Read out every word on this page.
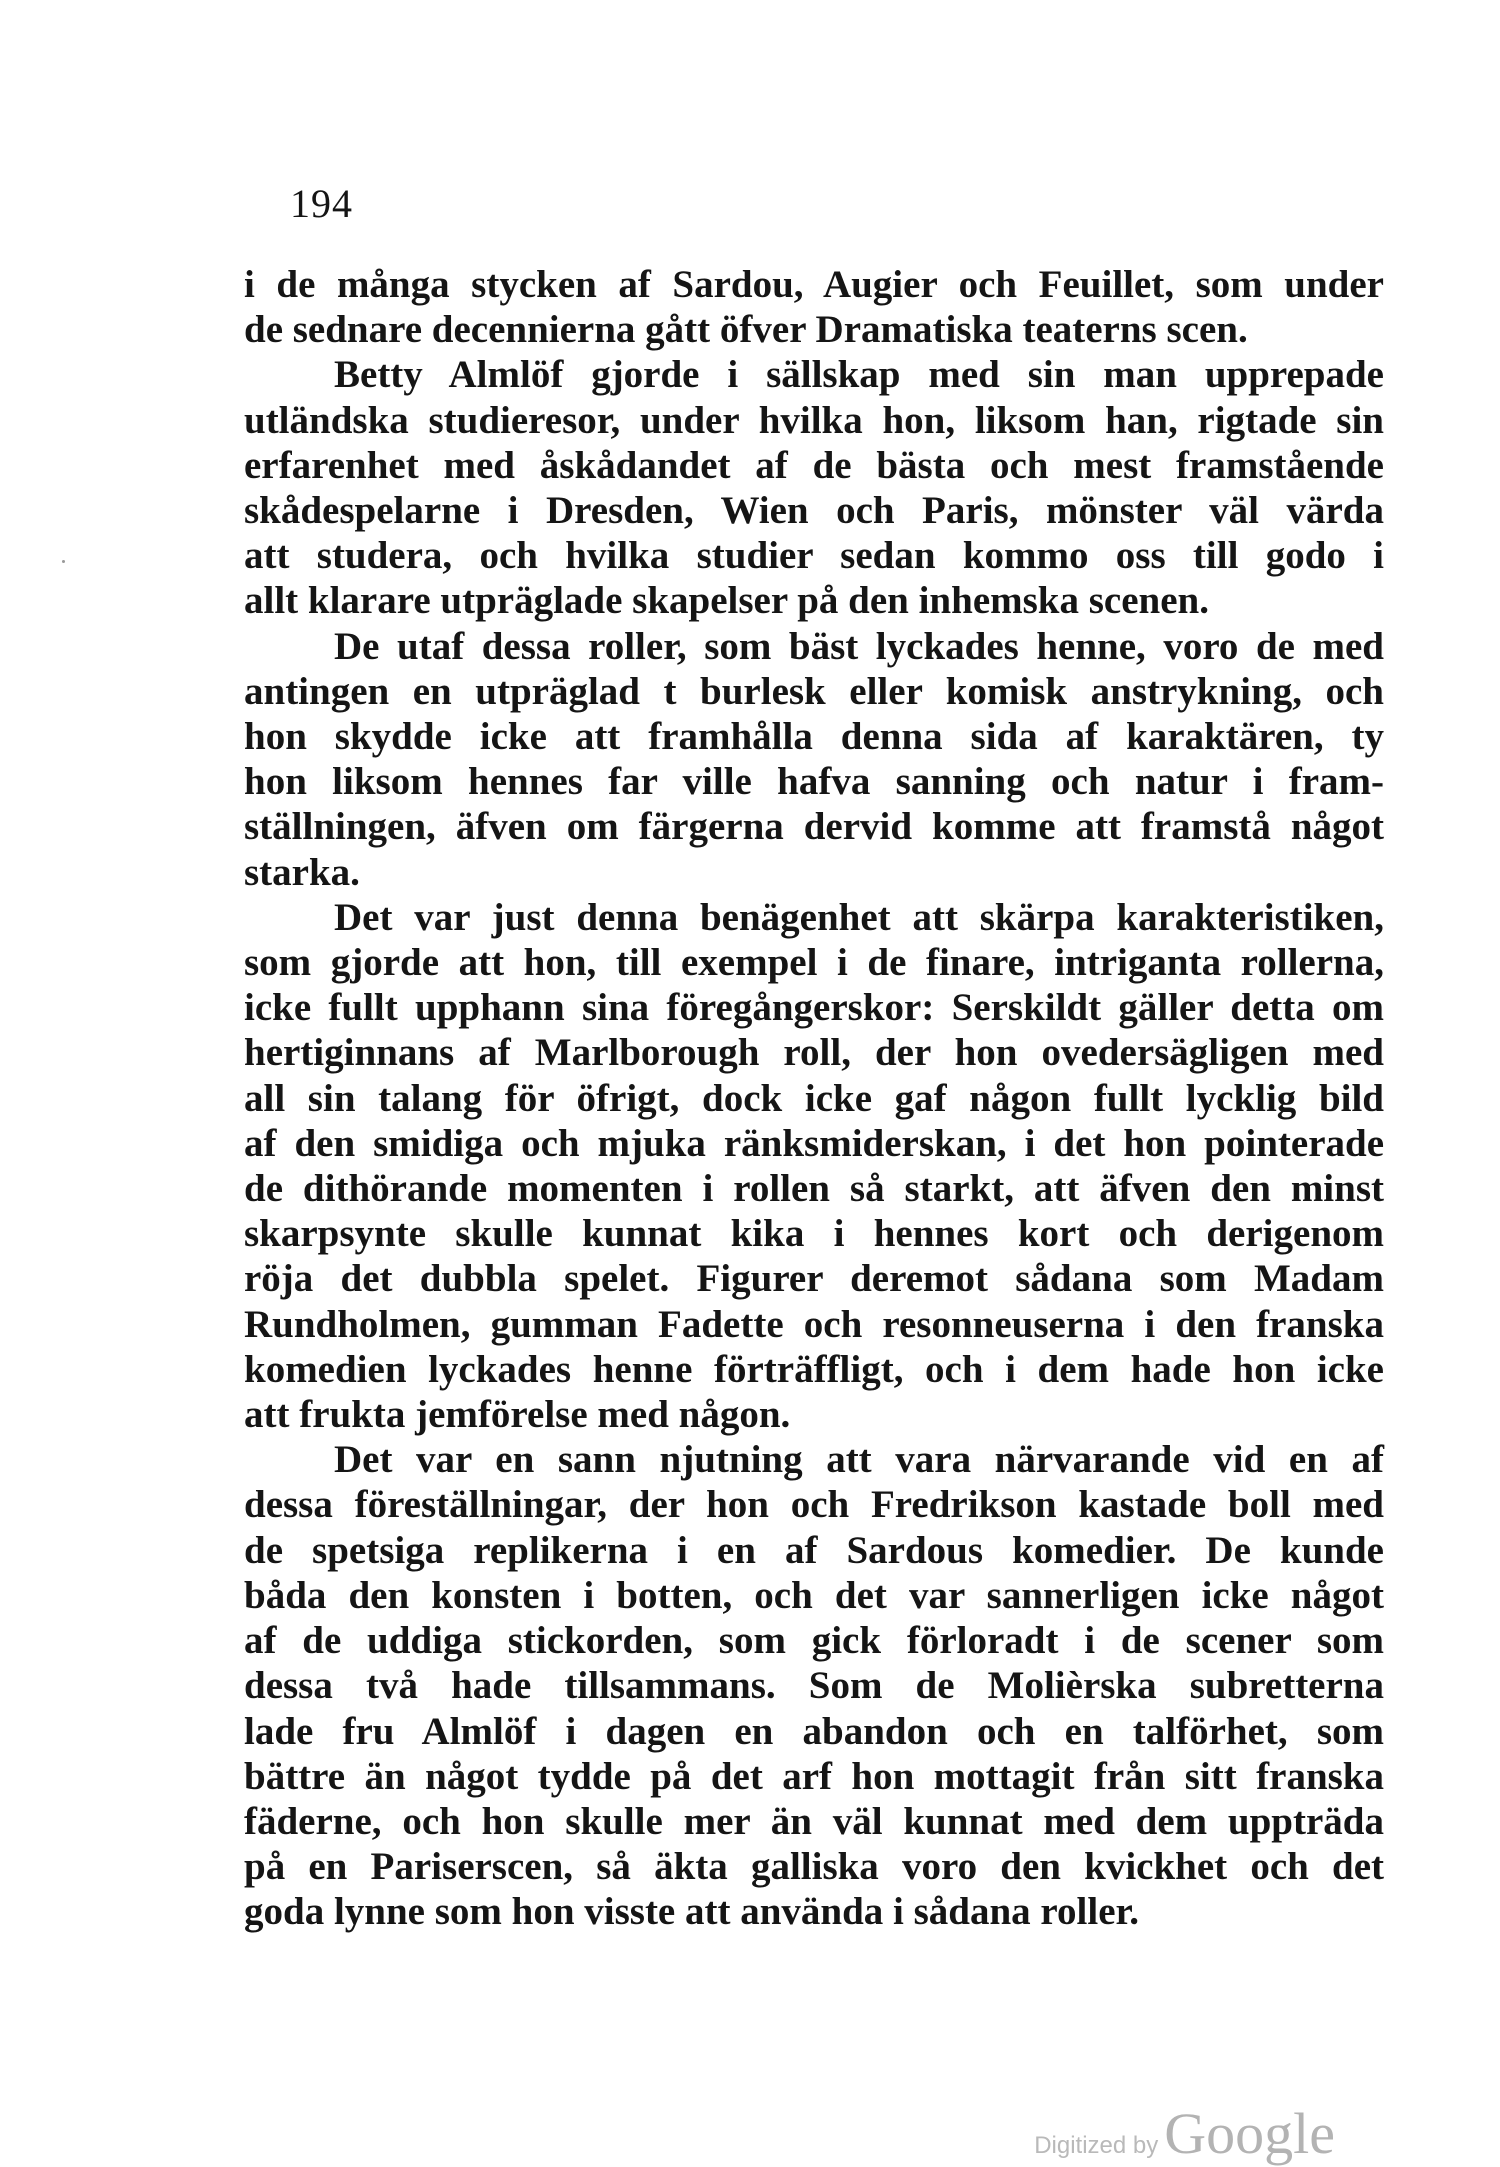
194
i de många stycken af Sardou, Augier och Feuillet, som under
de sednare decennierna gått öfver Dramatiska teaterns scen.
Betty Almlöf gjorde i sällskap med sin man upprepade
utländska studieresor, under hvilka hon, liksom han, rigtade sin
erfarenhet med åskådandet af de bästa och mest framstående
skådespelarne i Dresden, Wien och Paris, mönster väl värda
att studera, och hvilka studier sedan kommo oss till godo i
allt klarare utpräglade skapelser på den inhemska scenen.
De utaf dessa roller, som bäst lyckades henne, voro de med
antingen en utpräglad t burlesk eller komisk anstrykning, och
hon skydde icke att framhålla denna sida af karaktären, ty
hon liksom hennes far ville hafva sanning och natur i fram-
ställningen, äfven om färgerna dervid komme att framstå något
starka.
Det var just denna benägenhet att skärpa karakteristiken,
som gjorde att hon, till exempel i de finare, intriganta rollerna,
icke fullt upphann sina föregångerskor: Serskildt gäller detta om
hertiginnans af Marlborough roll, der hon ovedersägligen med
all sin talang för öfrigt, dock icke gaf någon fullt lycklig bild
af den smidiga och mjuka ränksmiderskan, i det hon pointerade
de dithörande momenten i rollen så starkt, att äfven den minst
skarpsynte skulle kunnat kika i hennes kort och derigenom
röja det dubbla spelet. Figurer deremot sådana som Madam
Rundholmen, gumman Fadette och resonneuserna i den franska
komedien lyckades henne förträffligt, och i dem hade hon icke
att frukta jemförelse med någon.
Det var en sann njutning att vara närvarande vid en af
dessa föreställningar, der hon och Fredrikson kastade boll med
de spetsiga replikerna i en af Sardous komedier. De kunde
båda den konsten i botten, och det var sannerligen icke något
af de uddiga stickorden, som gick förloradt i de scener som
dessa två hade tillsammans. Som de Molièrska subretterna
lade fru Almlöf i dagen en abandon och en talförhet, som
bättre än något tydde på det arf hon mottagit från sitt franska
fäderne, och hon skulle mer än väl kunnat med dem uppträda
på en Pariserscen, så äkta galliska voro den kvickhet och det
goda lynne som hon visste att använda i sådana roller.
Digitized by Google
